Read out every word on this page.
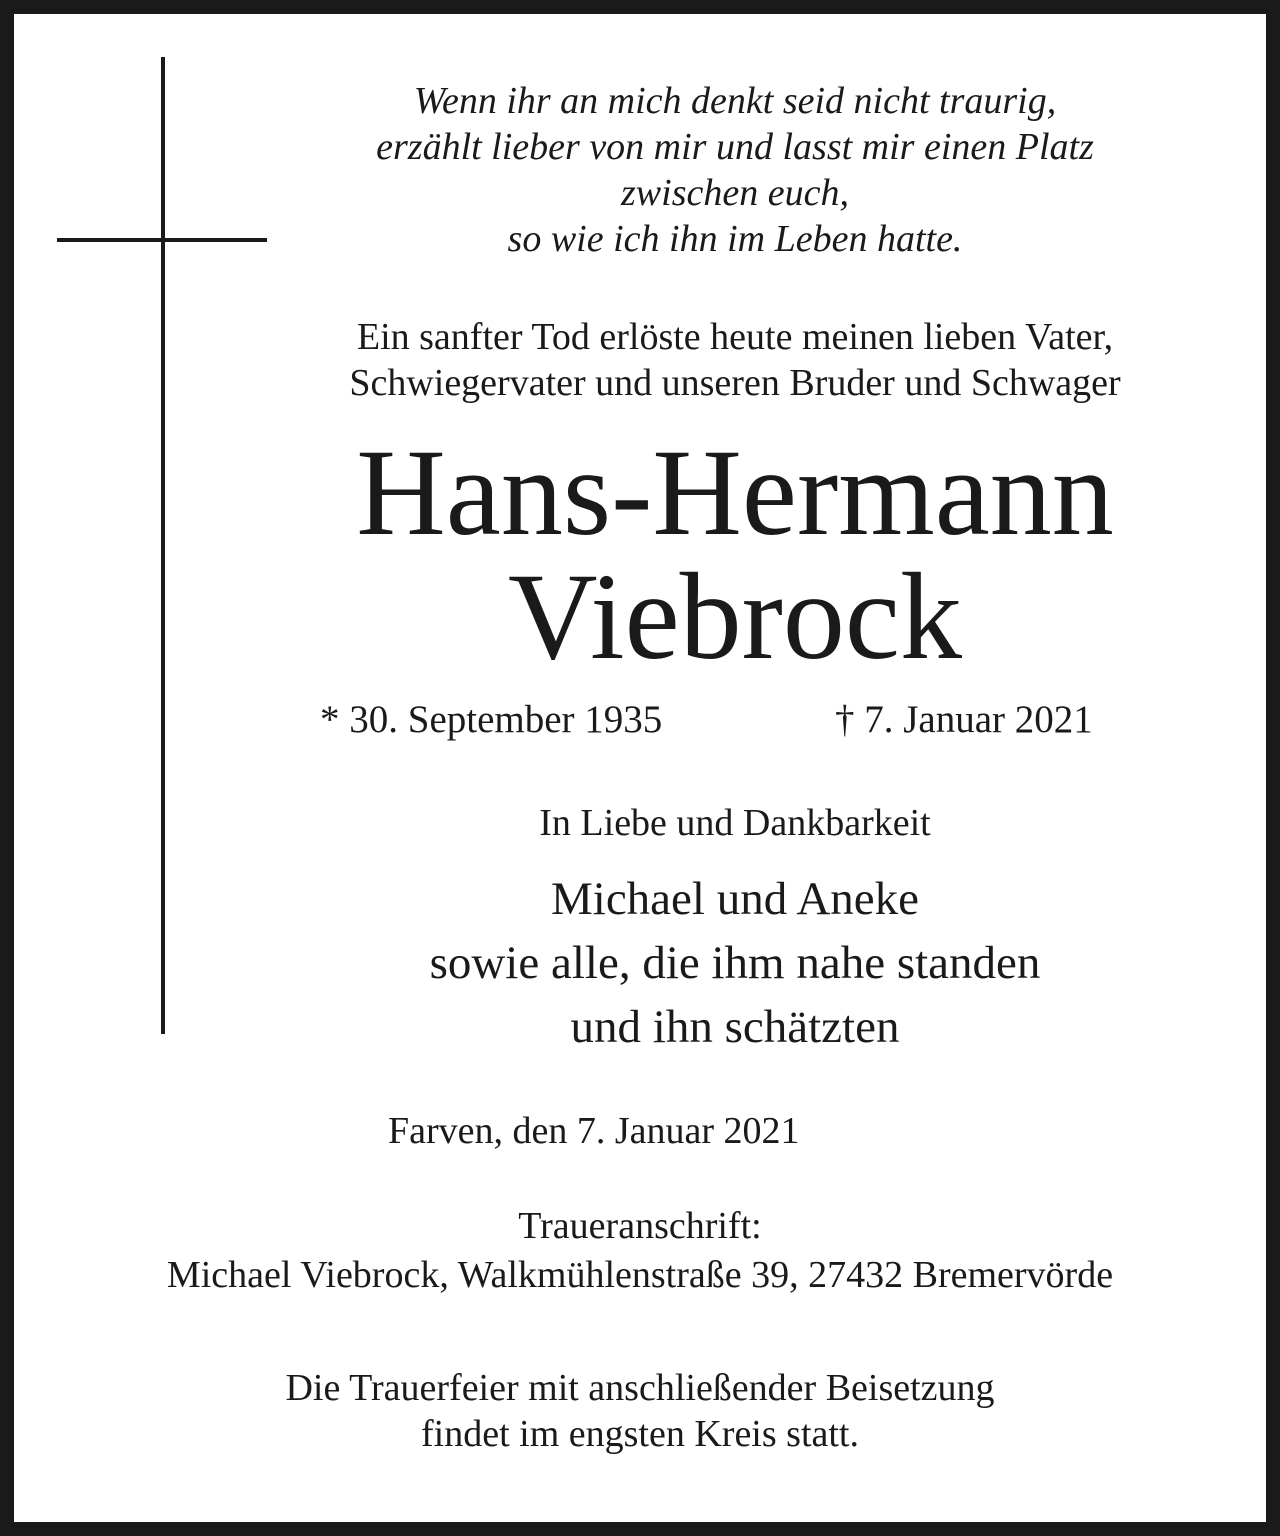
Wenn ihr an mich denkt seid nicht traurig,
erzählt lieber von mir und lasst mir einen Platz
zwischen euch,
so wie ich ihn im Leben hatte.
Ein sanfter Tod erlöste heute meinen lieben Vater,
Schwiegervater und unseren Bruder und Schwager
Hans-Hermann
Viebrock
* 30. September 1935	† 7. Januar 2021
In Liebe und Dankbarkeit
Michael und Aneke
sowie alle, die ihm nahe standen
und ihn schätzten
Farven, den 7. Januar 2021
Traueranschrift:
Michael Viebrock, Walkmühlenstraße 39, 27432 Bremervörde
Die Trauerfeier mit anschließender Beisetzung
findet im engsten Kreis statt.
